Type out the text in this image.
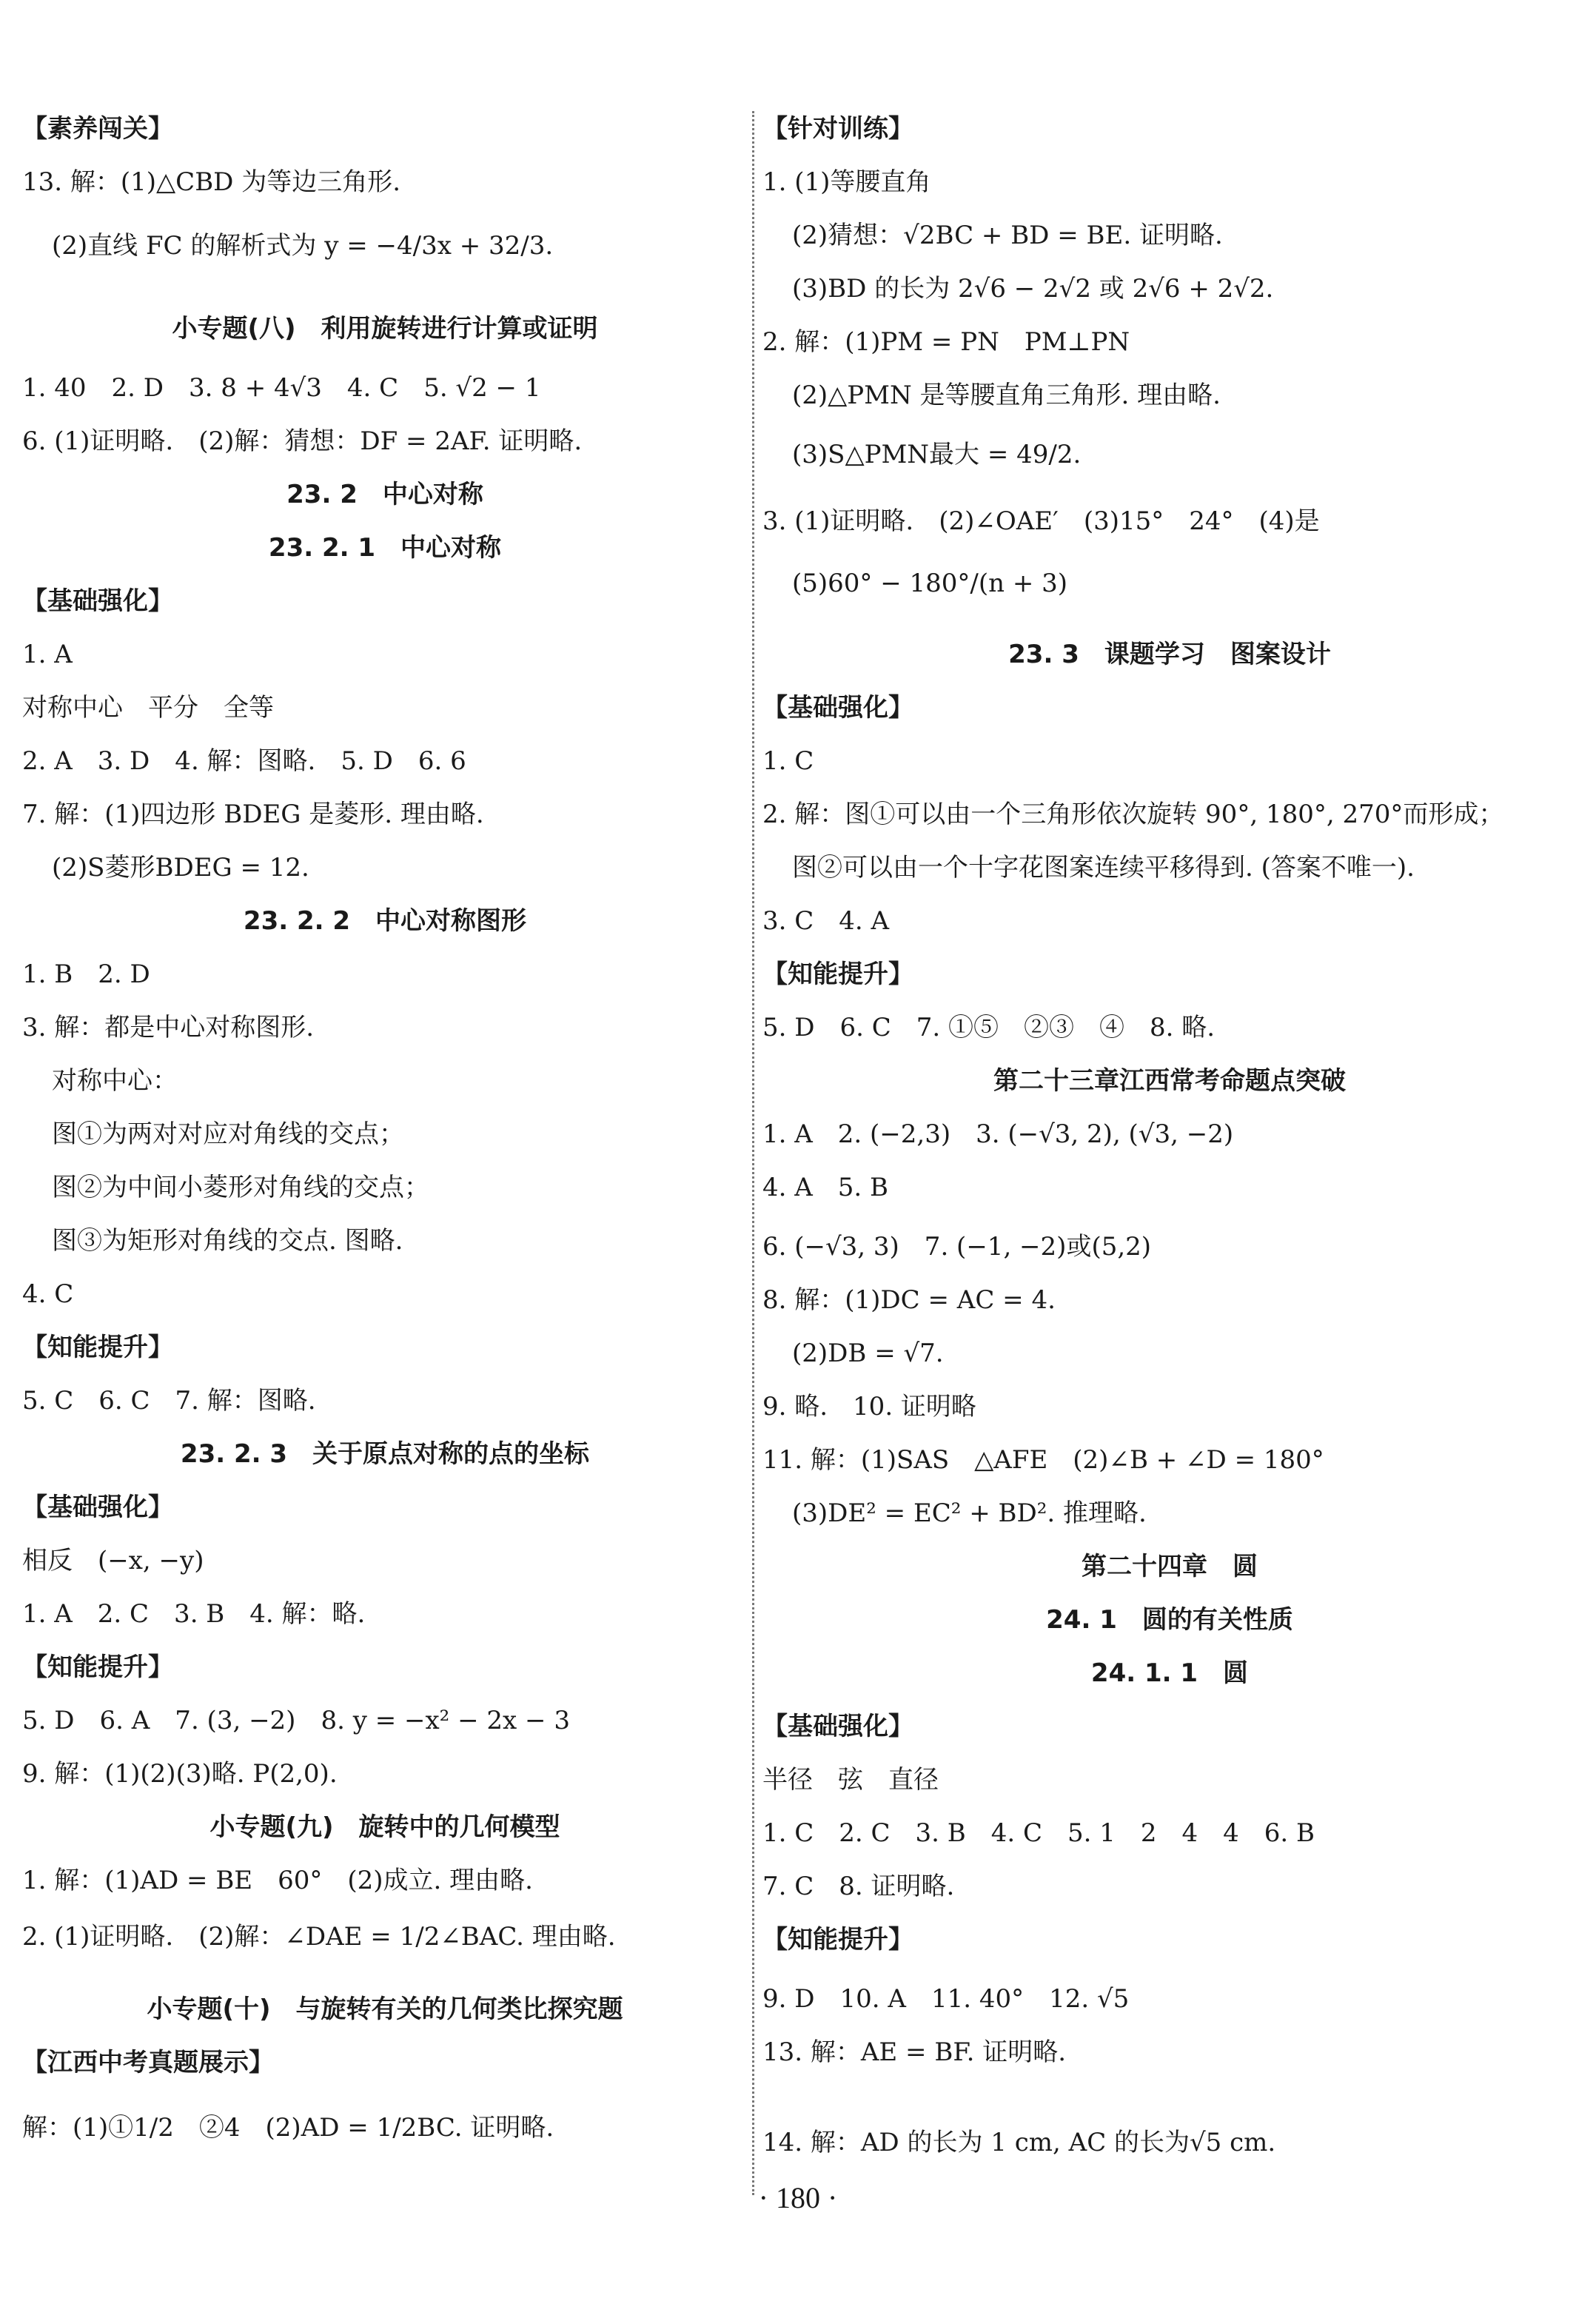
【素养闯关】
13. 解：(1)△CBD 为等边三角形.
(2)直线 FC 的解析式为 y = −4/3x + 32/3.
小专题(八)　利用旋转进行计算或证明
1. 40　2. D　3. 8 + 4√3　4. C　5. √2 − 1
6. (1)证明略.　(2)解：猜想：DF = 2AF. 证明略.
23. 2　中心对称
23. 2. 1　中心对称
【基础强化】
1. A
对称中心　平分　全等
2. A　3. D　4. 解：图略.　5. D　6. 6
7. 解：(1)四边形 BDEG 是菱形. 理由略.
(2)S菱形BDEG = 12.
23. 2. 2　中心对称图形
1. B　2. D
3. 解：都是中心对称图形.
对称中心：
图①为两对对应对角线的交点；
图②为中间小菱形对角线的交点；
图③为矩形对角线的交点. 图略.
4. C
【知能提升】
5. C　6. C　7. 解：图略.
23. 2. 3　关于原点对称的点的坐标
【基础强化】
相反　(−x, −y)
1. A　2. C　3. B　4. 解：略.
【知能提升】
5. D　6. A　7. (3, −2)　8. y = −x² − 2x − 3
9. 解：(1)(2)(3)略. P(2,0).
小专题(九)　旋转中的几何模型
1. 解：(1)AD = BE　60°　(2)成立. 理由略.
2. (1)证明略.　(2)解：∠DAE = 1/2∠BAC. 理由略.
小专题(十)　与旋转有关的几何类比探究题
【江西中考真题展示】
解：(1)①1/2　②4　(2)AD = 1/2BC. 证明略.
【针对训练】
1. (1)等腰直角
(2)猜想：√2BC + BD = BE. 证明略.
(3)BD 的长为 2√6 − 2√2 或 2√6 + 2√2.
2. 解：(1)PM = PN　PM⊥PN
(2)△PMN 是等腰直角三角形. 理由略.
(3)S△PMN最大 = 49/2.
3. (1)证明略.　(2)∠OAE′　(3)15°　24°　(4)是
(5)60° − 180°/(n + 3)
23. 3　课题学习　图案设计
【基础强化】
1. C
2. 解：图①可以由一个三角形依次旋转 90°, 180°, 270°而形成；
图②可以由一个十字花图案连续平移得到. (答案不唯一).
3. C　4. A
【知能提升】
5. D　6. C　7. ①⑤　②③　④　8. 略.
第二十三章江西常考命题点突破
1. A　2. (−2,3)　3. (−√3, 2), (√3, −2)
4. A　5. B
6. (−√3, 3)　7. (−1, −2)或(5,2)
8. 解：(1)DC = AC = 4.
(2)DB = √7.
9. 略.　10. 证明略
11. 解：(1)SAS　△AFE　(2)∠B + ∠D = 180°
(3)DE² = EC² + BD². 推理略.
第二十四章　圆
24. 1　圆的有关性质
24. 1. 1　圆
【基础强化】
半径　弦　直径
1. C　2. C　3. B　4. C　5. 1　2　4　4　6. B
7. C　8. 证明略.
【知能提升】
9. D　10. A　11. 40°　12. √5
13. 解：AE = BF. 证明略.
14. 解：AD 的长为 1 cm, AC 的长为√5 cm.
· 180 ·
